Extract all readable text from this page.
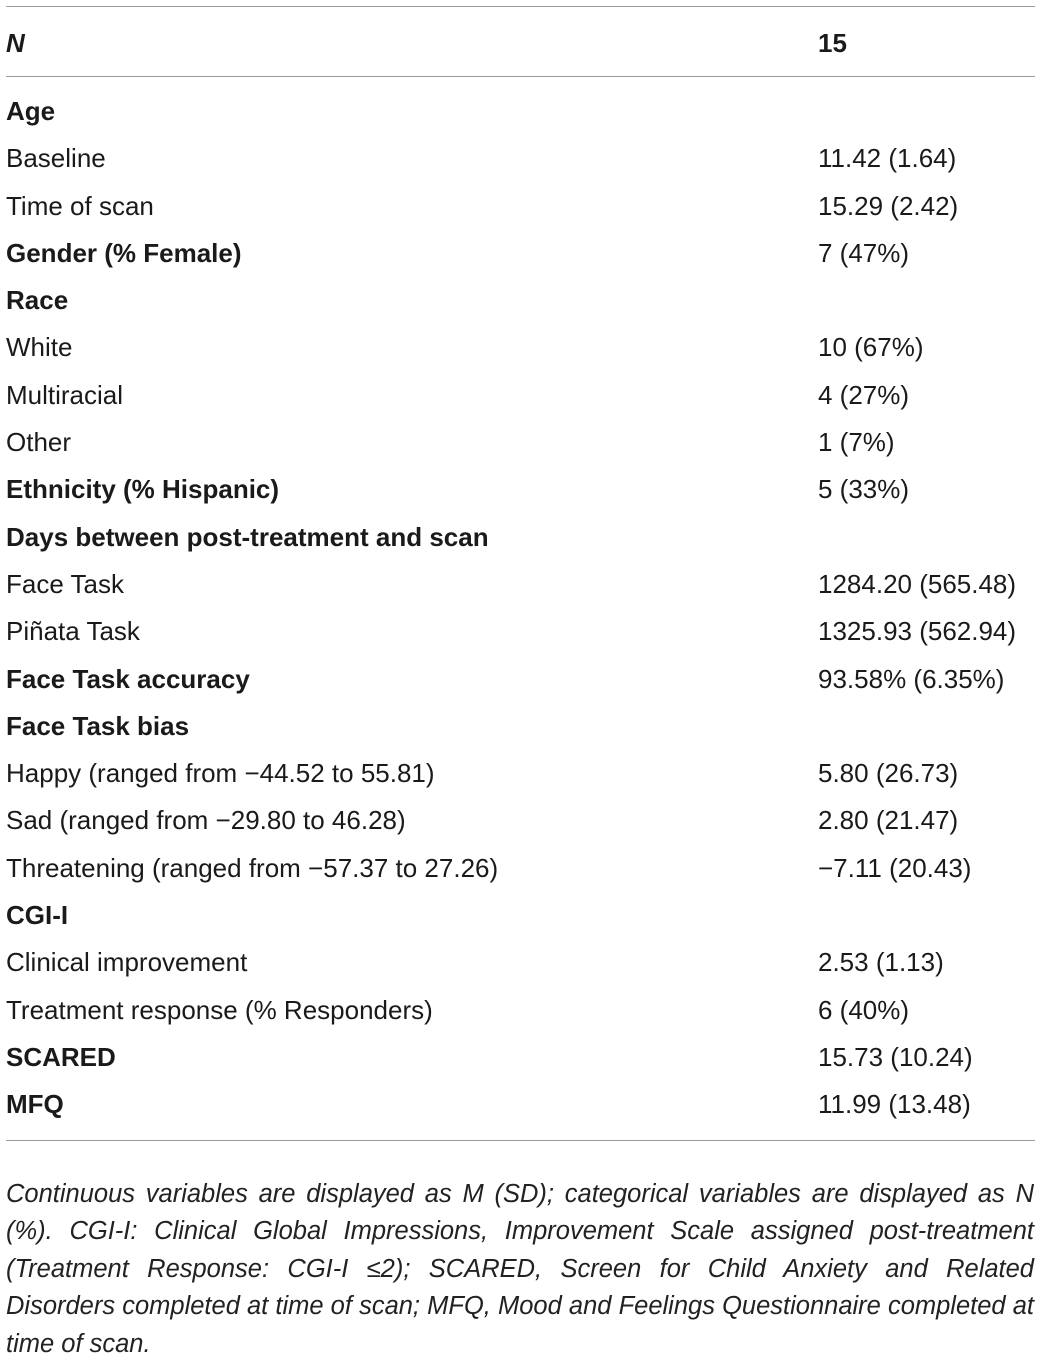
N	15
Age
Baseline	11.42 (1.64)
Time of scan	15.29 (2.42)
Gender (% Female)	7 (47%)
Race
White	10 (67%)
Multiracial	4 (27%)
Other	1 (7%)
Ethnicity (% Hispanic)	5 (33%)
Days between post-treatment and scan
Face Task	1284.20 (565.48)
Piñata Task	1325.93 (562.94)
Face Task accuracy	93.58% (6.35%)
Face Task bias
Happy (ranged from −44.52 to 55.81)	5.80 (26.73)
Sad (ranged from −29.80 to 46.28)	2.80 (21.47)
Threatening (ranged from −57.37 to 27.26)	−7.11 (20.43)
CGI-I
Clinical improvement	2.53 (1.13)
Treatment response (% Responders)	6 (40%)
SCARED	15.73 (10.24)
MFQ	11.99 (13.48)

Continuous variables are displayed as M (SD); categorical variables are displayed as N (%). CGI-I: Clinical Global Impressions, Improvement Scale assigned post-treatment (Treatment Response: CGI-I ≤2); SCARED, Screen for Child Anxiety and Related Disorders completed at time of scan; MFQ, Mood and Feelings Questionnaire completed at time of scan.
